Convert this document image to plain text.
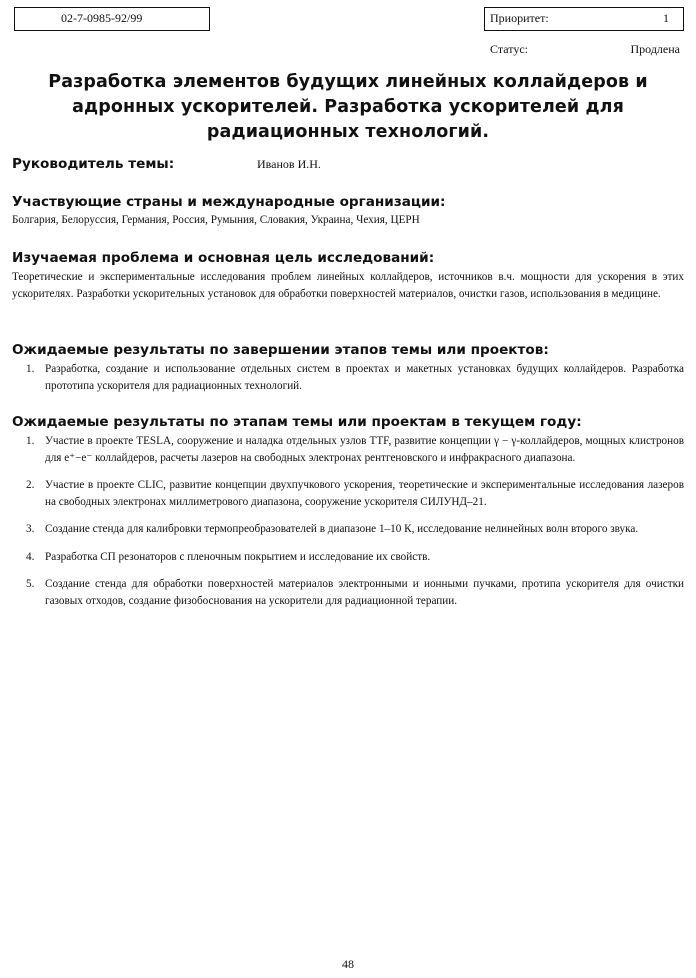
02-7-0985-92/99	Приоритет:	1
Статус:	Продлена
Разработка элементов будущих линейных коллайдеров и адронных ускорителей. Разработка ускорителей для радиационных технологий.
Руководитель темы:	Иванов И.Н.
Участвующие страны и международные организации:

Болгария, Белоруссия, Германия, Россия, Румыния, Словакия, Украина, Чехия, ЦЕРН

Изучаемая проблема и основная цель исследований:

Теоретические и экспериментальные исследования проблем линейных коллайдеров, источников в.ч. мощности для ускорения в этих ускорителях. Разработки ускорительных установок для обработки поверхностей материалов, очистки газов, использования в медицине.

Ожидаемые результаты по завершении этапов темы или проектов:
1. Разработка, создание и использование отдельных систем в проектах и макетных установках будущих коллайдеров. Разработка прототипа ускорителя для радиационных технологий.
Ожидаемые результаты по этапам темы или проектам в текущем году:
1. Участие в проекте TESLA, сооружение и наладка отдельных узлов TTF, развитие концепции γ − γ-коллайдеров, мощных клистронов для e⁺−e⁻ коллайдеров, расчеты лазеров на свободных электронах рентгеновского и инфракрасного диапазона.
2. Участие в проекте CLIC, развитие концепции двухпучкового ускорения, теоретические и экспериментальные исследования лазеров на свободных электронах миллиметрового диапазона, сооружение ускорителя СИЛУНД–21.
3. Создание стенда для калибровки термопреобразователей в диапазоне 1–10 К, исследование нелинейных волн второго звука.
4. Разработка СП резонаторов с пленочным покрытием и исследование их свойств.
5. Создание стенда для обработки поверхностей материалов электронными и ионными пучками, протипа ускорителя для очистки газовых отходов, создание физобоснования на ускорители для радиационной терапии.
48
